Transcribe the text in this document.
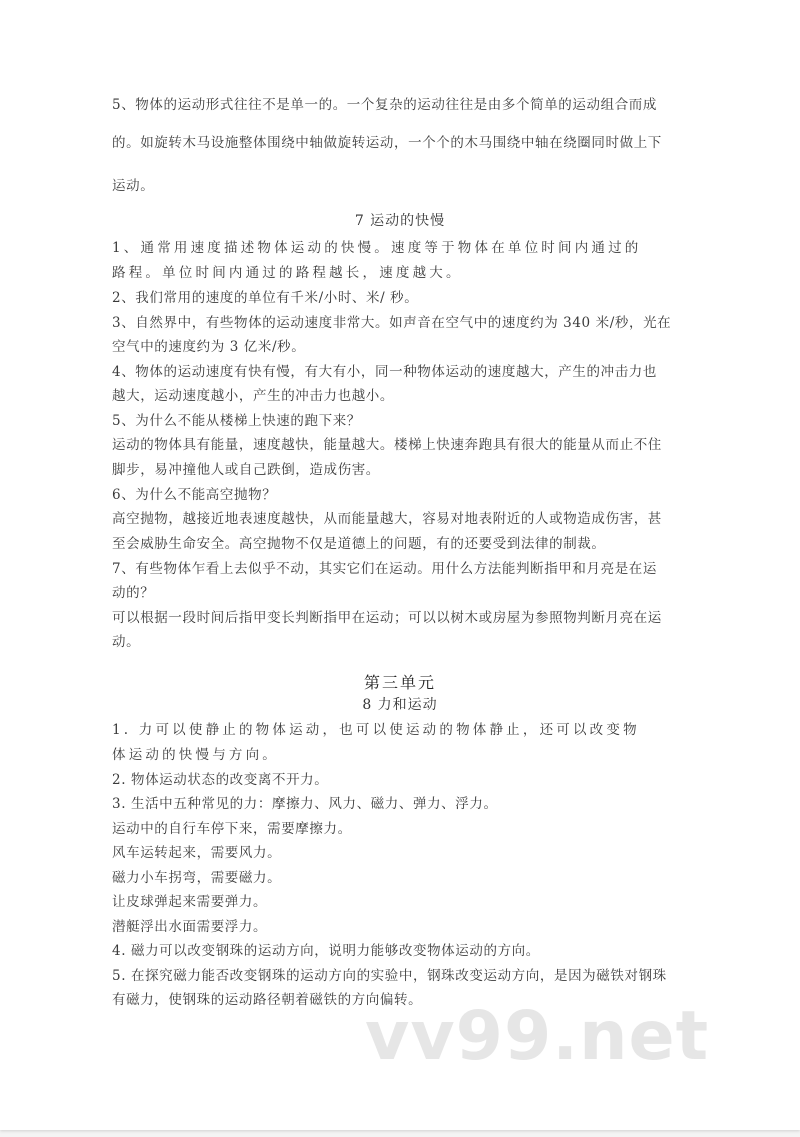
5、物体的运动形式往往不是单一的。一个复杂的运动往往是由多个简单的运动组合而成
的。如旋转木马设施整体围绕中轴做旋转运动，一个个的木马围绕中轴在绕圈同时做上下
运动。
7 运动的快慢
1、通常用速度描述物体运动的快慢。速度等于物体在单位时间内通过的
路程。单位时间内通过的路程越长，速度越大。
2、我们常用的速度的单位有千米/小时、米/ 秒。
3、自然界中，有些物体的运动速度非常大。如声音在空气中的速度约为 340 米/秒，光在
空气中的速度约为 3 亿米/秒。
4、物体的运动速度有快有慢，有大有小，同一种物体运动的速度越大，产生的冲击力也
越大，运动速度越小，产生的冲击力也越小。
5、为什么不能从楼梯上快速的跑下来？
运动的物体具有能量，速度越快，能量越大。楼梯上快速奔跑具有很大的能量从而止不住
脚步，易冲撞他人或自己跌倒，造成伤害。
6、为什么不能高空抛物？
高空抛物，越接近地表速度越快，从而能量越大，容易对地表附近的人或物造成伤害，甚
至会威胁生命安全。高空抛物不仅是道德上的问题，有的还要受到法律的制裁。
7、有些物体乍看上去似乎不动，其实它们在运动。用什么方法能判断指甲和月亮是在运
动的？
可以根据一段时间后指甲变长判断指甲在运动；可以以树木或房屋为参照物判断月亮在运
动。
第三单元
8 力和运动
1. 力可以使静止的物体运动，也可以使运动的物体静止，还可以改变物
体运动的快慢与方向。
2. 物体运动状态的改变离不开力。
3. 生活中五种常见的力：摩擦力、风力、磁力、弹力、浮力。
运动中的自行车停下来，需要摩擦力。
风车运转起来，需要风力。
磁力小车拐弯，需要磁力。
让皮球弹起来需要弹力。
潜艇浮出水面需要浮力。
4. 磁力可以改变钢珠的运动方向，说明力能够改变物体运动的方向。
5. 在探究磁力能否改变钢珠的运动方向的实验中，钢珠改变运动方向，是因为磁铁对钢珠
有磁力，使钢珠的运动路径朝着磁铁的方向偏转。
vv99.net
